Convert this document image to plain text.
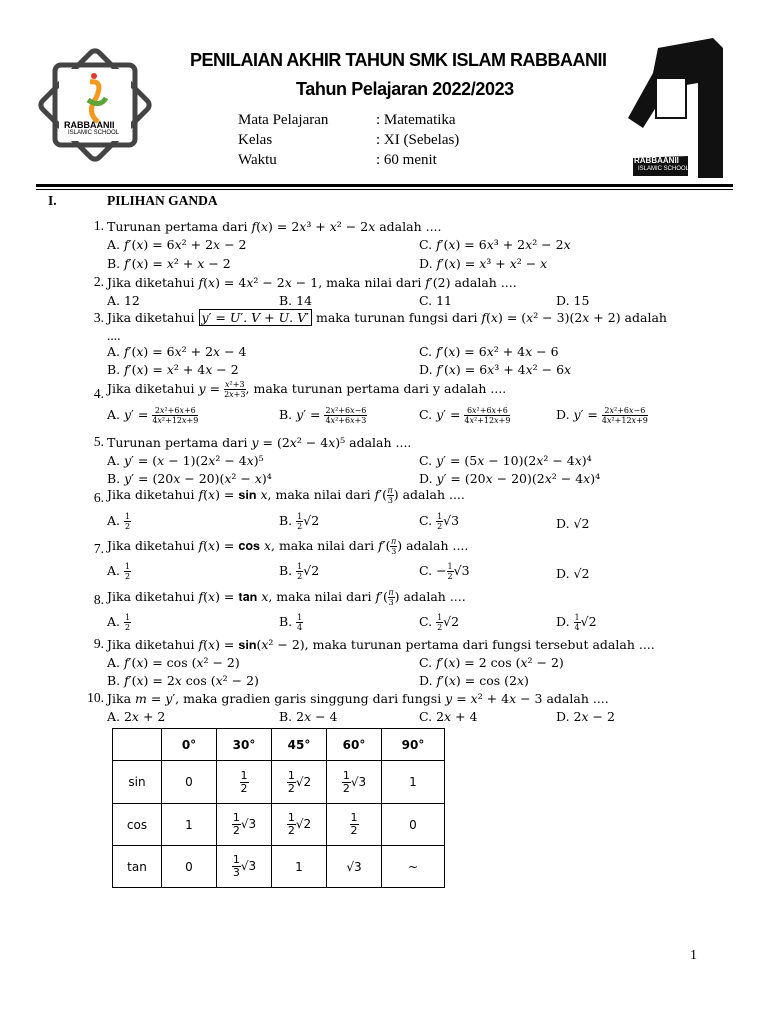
RABBAANII
ISLAMIC SCHOOL
RABBAANII
ISLAMIC SCHOOL
PENILAIAN AKHIR TAHUN SMK ISLAM RABBAANII
Tahun Pelajaran 2022/2023
Mata Pelajaran	: Matematika
Kelas	: XI (Sebelas)
Waktu	: 60 menit
I.	PILIHAN GANDA
1. Turunan pertama dari 𝑓(𝑥) = 2𝑥³ + 𝑥² − 2𝑥 adalah ....
A. 𝑓′(𝑥) = 6𝑥² + 2𝑥 − 2	C. 𝑓′(𝑥) = 6𝑥³ + 2𝑥² − 2𝑥
B. 𝑓′(𝑥) = 𝑥² + 𝑥 − 2	D. 𝑓′(𝑥) = 𝑥³ + 𝑥² − 𝑥
2. Jika diketahui 𝑓(𝑥) = 4𝑥² − 2𝑥 − 1, maka nilai dari 𝑓′(2) adalah ....
A. 12	B. 14	C. 11	D. 15
3. Jika diketahui 𝑦′ = 𝑈′. 𝑉 + 𝑈. 𝑉′ maka turunan fungsi dari 𝑓(𝑥) = (𝑥² − 3)(2𝑥 + 2) adalah
....
A. 𝑓′(𝑥) = 6𝑥² + 2𝑥 − 4	C. 𝑓′(𝑥) = 6𝑥² + 4𝑥 − 6
B. 𝑓′(𝑥) = 𝑥² + 4𝑥 − 2	D. 𝑓′(𝑥) = 6𝑥³ + 4𝑥² − 6𝑥
4. Jika diketahui 𝑦 = 𝑥²+3
2𝑥+3 , maka turunan pertama dari y adalah ....
A. 𝑦′ = 2𝑥²+6𝑥+6
4𝑥²+12𝑥+9	B. 𝑦′ = 2𝑥²+6𝑥−6
4𝑥²+6𝑥+3	C. 𝑦′ = 6𝑥²+6𝑥+6
4𝑥²+12𝑥+9	D. 𝑦′ = 2𝑥²+6𝑥−6
4𝑥²+12𝑥+9
5. Turunan pertama dari 𝑦 = (2𝑥² − 4𝑥)⁵ adalah ....
A. 𝑦′ = (𝑥 − 1)(2𝑥² − 4𝑥)⁵	C. 𝑦′ = (5𝑥 − 10)(2𝑥² − 4𝑥)⁴
B. 𝑦′ = (20𝑥 − 20)(𝑥² − 𝑥)⁴	D. 𝑦′ = (20𝑥 − 20)(2𝑥² − 4𝑥)⁴
6. Jika diketahui 𝑓(𝑥) = 𝐬𝐢𝐧 𝑥, maka nilai dari 𝑓′( 𝜋
3 ) adalah ....
A. $\frac{1}{2}$	B. $\frac{1}{2} √2$	C. $\frac{1}{2} √3$	D. √2
7. Jika diketahui 𝑓(𝑥) = 𝐜𝐨𝐬 𝑥, maka nilai dari 𝑓′( 𝜋
3 ) adalah ....
A. $\frac{1}{2}$	B. $\frac{1}{2} √2$	C. − $\frac{1}{2} √3$	D. √2
8. Jika diketahui 𝑓(𝑥) = 𝐭𝐚𝐧 𝑥, maka nilai dari 𝑓′( 𝜋
3 ) adalah ....
A. $\frac{1}{2}$	B. $\frac{1}{4}$	C. $\frac{1}{2} √2$	D. $\frac{1}{4} √2$
9. Jika diketahui 𝑓(𝑥) = 𝐬𝐢𝐧(𝑥² − 2), maka turunan pertama dari fungsi tersebut adalah ....
A. 𝑓′(𝑥) = cos (𝑥² − 2)	C. 𝑓′(𝑥) = 2 cos (𝑥² − 2)
B. 𝑓′(𝑥) = 2𝑥 cos (𝑥² − 2)	D. 𝑓′(𝑥) = cos (2𝑥)
10. Jika 𝑚 = 𝑦′, maka gradien garis singgung dari fungsi 𝑦 = 𝑥² + 4𝑥 − 3 adalah ....
A. 2𝑥 + 2	B. 2𝑥 − 4	C. 2𝑥 + 4	D. 2𝑥 − 2
	0°	30°	45°	60°	90°
sin	0	$\frac{1}{2}$	$\frac{1}{2} √2$	$\frac{1}{2} √3$	1
cos	1	$\frac{1}{2} √3$	$\frac{1}{2} √2$	$\frac{1}{2}$	0
tan	0	$\frac{1}{3} √3$	1	√3	~
1
